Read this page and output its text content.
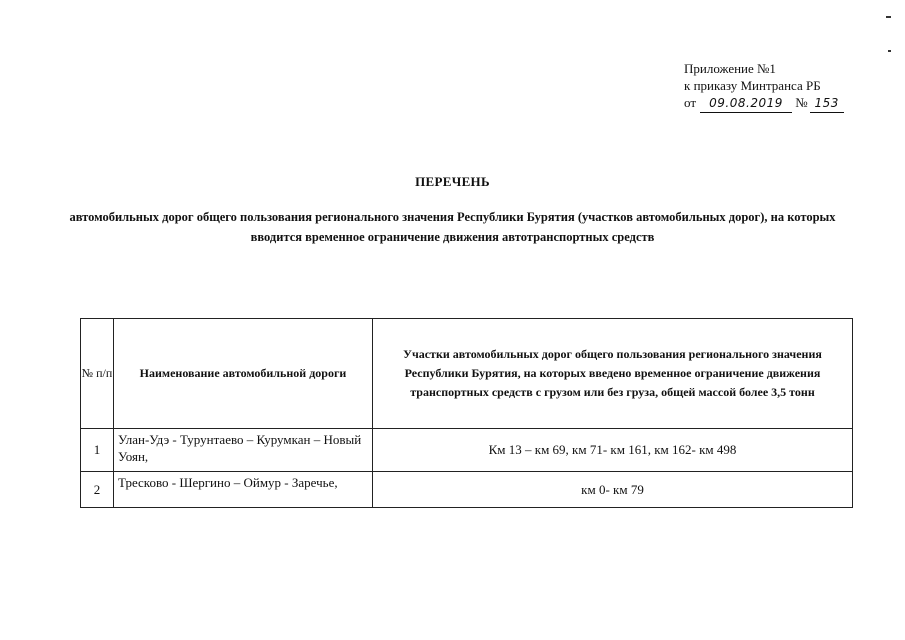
Приложение №1
к приказу Минтранса РБ
от 09.08.2019 № 153
ПЕРЕЧЕНЬ
автомобильных дорог общего пользования регионального значения Республики Бурятия (участков автомобильных дорог), на которых вводится временное ограничение движения автотранспортных средств
№ п/п	Наименование автомобильной дороги	Участки автомобильных дорог общего пользования регионального значения Республики Бурятия, на которых введено временное ограничение движения транспортных средств с грузом или без груза, общей массой более 3,5 тонн
1	Улан-Удэ - Турунтаево – Курумкан – Новый Уоян,	Км 13 – км 69, км 71- км 161, км 162- км 498
2	Тресково - Шергино – Оймур - Заречье,	км 0- км 79
